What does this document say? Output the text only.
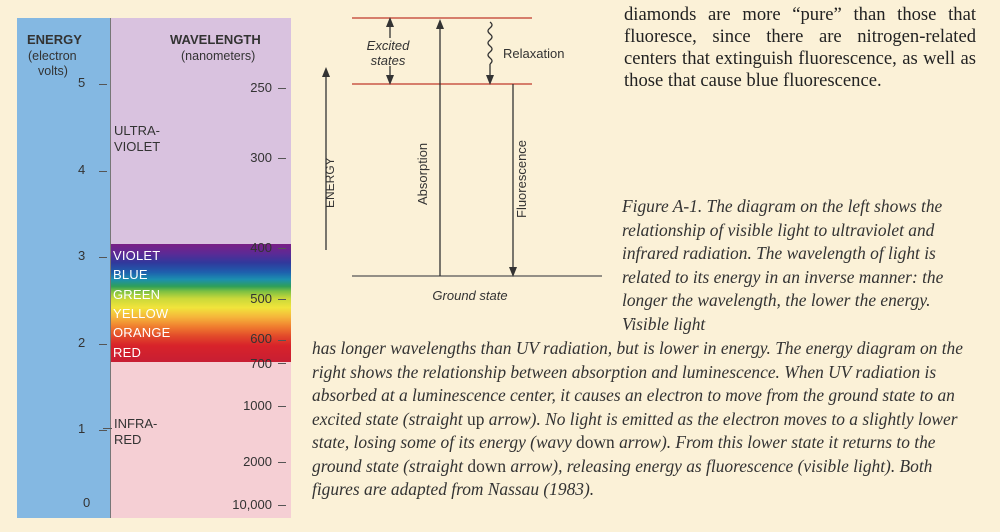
ENERGY
(electron
volts)
WAVELENGTH
(nanometers)
5
4
3
2
1
0
250
300
400
500
600
700
1000
2000
10,000
ULTRA-
VIOLET
INFRA-
RED
VIOLET
BLUE
GREEN
YELLOW
ORANGE
RED
Excited
states
Absorption
Relaxation
Fluorescence
ENERGY
Ground state
diamonds are more “pure” than those that fluoresce, since there are nitrogen-related centers that extinguish fluorescence, as well as those that cause blue fluorescence.
Figure A-1. The diagram on the left shows the relationship of visible light to ultraviolet and infrared radiation. The wavelength of light is related to its energy in an inverse manner: the longer the wavelength, the lower the energy. Visible light
has longer wavelengths than UV radiation, but is lower in energy. The energy diagram on the right shows the relationship between absorption and luminescence. When UV radiation is absorbed at a luminescence center, it causes an electron to move from the ground state to an excited state (straight up arrow). No light is emitted as the electron moves to a slightly lower state, losing some of its energy (wavy down arrow). From this lower state it returns to the ground state (straight down arrow), releasing energy as fluorescence (visible light). Both figures are adapted from Nassau (1983).
